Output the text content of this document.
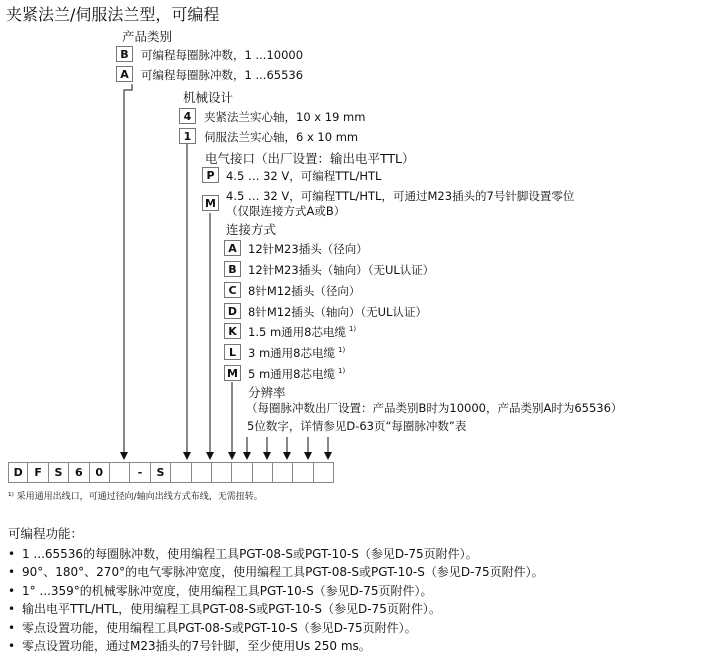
夹紧法兰/伺服法兰型，可编程
产品类别
B	可编程每圈脉冲数，1 ...10000
A	可编程每圈脉冲数，1 ...65536
机械设计
4	夹紧法兰实心轴，10 x 19 mm
1	伺服法兰实心轴，6 x 10 mm
电气接口（出厂设置：输出电平TTL）
P 4.5 … 32 V，可编程TTL/HTL
M 4.5 … 32 V，可编程TTL/HTL，可通过M23插头的7号针脚设置零位
（仅限连接方式A或B）
连接方式
A 12针M23插头（径向）
B 12针M23插头（轴向）（无UL认证）
C 8针M12插头（径向）
D 8针M12插头（轴向）（无UL认证）
K 1.5 m通用8芯电缆 $^{1)}$
L	3 m通用8芯电缆 $^{1)}$
M 5 m通用8芯电缆 $^{1)}$
分辨率
（每圈脉冲数出厂设置：产品类别B时为10000，产品类别A时为65536）
5位数字，详情参见D-63页“每圈脉冲数”表
D	F	S	6	0	-	S
¹⁾ 采用通用出线口，可通过径向/轴向出线方式布线，无需扭转。
可编程功能：
• 1 ...65536的每圈脉冲数，使用编程工具PGT-08-S或PGT-10-S（参见D-75页附件）。
• 90°、180°、270°的电气零脉冲宽度，使用编程工具PGT-08-S或PGT-10-S（参见D-75页附件）。
• 1° ...359°的机械零脉冲宽度，使用编程工具PGT-10-S（参见D-75页附件）。
• 输出电平TTL/HTL，使用编程工具PGT-08-S或PGT-10-S（参见D-75页附件）。
• 零点设置功能，使用编程工具PGT-08-S或PGT-10-S（参见D-75页附件）。
• 零点设置功能，通过M23插头的7号针脚，至少使用Us 250 ms。
